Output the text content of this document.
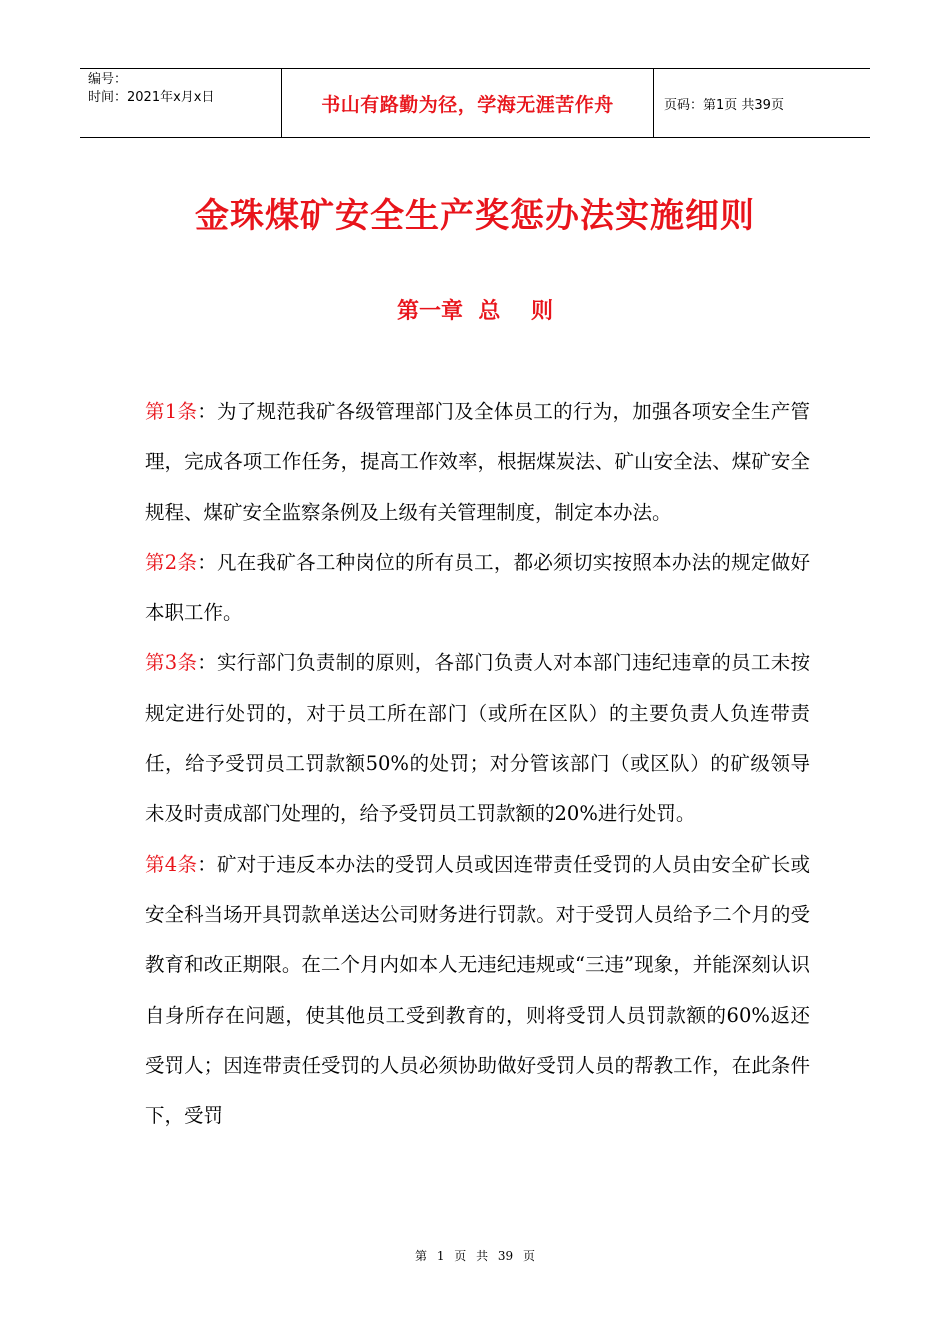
编号：
时间：2021年x月x日	书山有路勤为径，学海无涯苦作舟	页码：第1页 共39页
金珠煤矿安全生产奖惩办法实施细则
第一章  总    则

第1条：为了规范我矿各级管理部门及全体员工的行为，加强各项安全生产管理，完成各项工作任务，提高工作效率，根据煤炭法、矿山安全法、煤矿安全规程、煤矿安全监察条例及上级有关管理制度，制定本办法。

第2条：凡在我矿各工种岗位的所有员工，都必须切实按照本办法的规定做好本职工作。

第3条：实行部门负责制的原则，各部门负责人对本部门违纪违章的员工未按规定进行处罚的，对于员工所在部门（或所在区队）的主要负责人负连带责任，给予受罚员工罚款额50%的处罚；对分管该部门（或区队）的矿级领导未及时责成部门处理的，给予受罚员工罚款额的20%进行处罚。

第4条：矿对于违反本办法的受罚人员或因连带责任受罚的人员由安全矿长或安全科当场开具罚款单送达公司财务进行罚款。对于受罚人员给予二个月的受教育和改正期限。在二个月内如本人无违纪违规或“三违”现象，并能深刻认识自身所存在问题，使其他员工受到教育的，则将受罚人员罚款额的60%返还受罚人；因连带责任受罚的人员必须协助做好受罚人员的帮教工作，在此条件下，受罚

第 1 页 共 39 页
